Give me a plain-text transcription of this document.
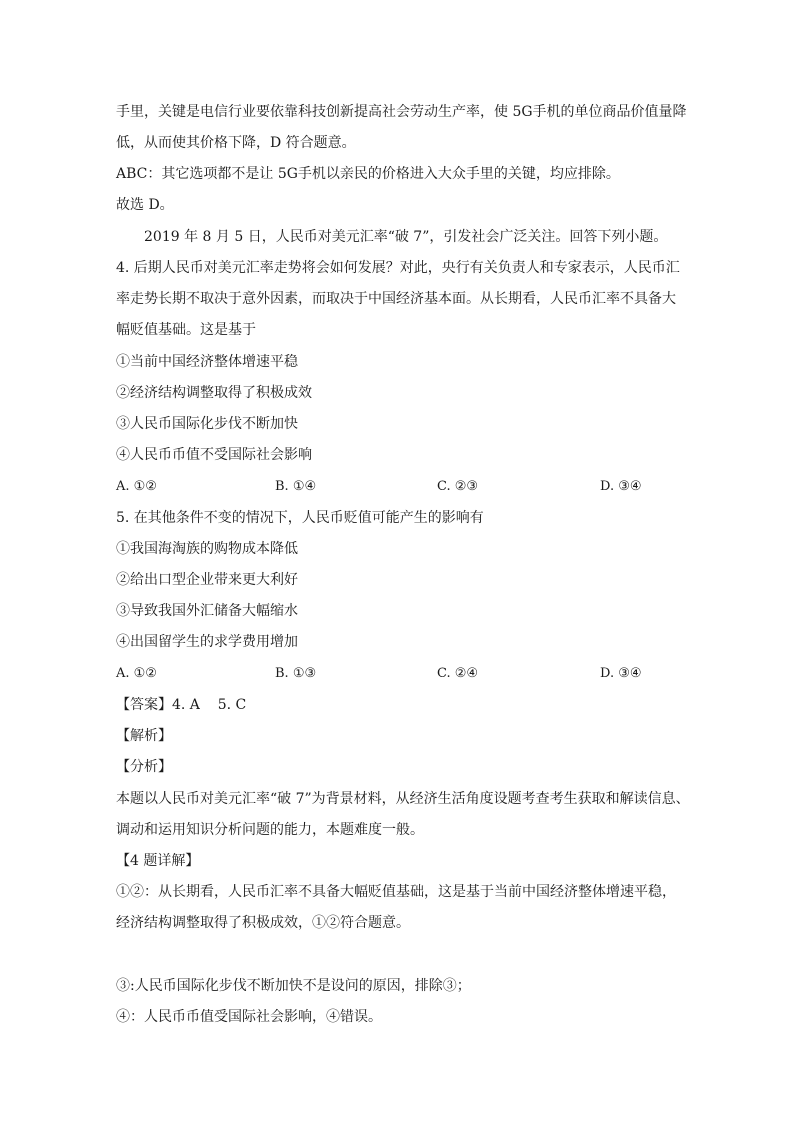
手里，关键是电信行业要依靠科技创新提高社会劳动生产率，使 5G手机的单位商品价值量降
低，从而使其价格下降，D 符合题意。
ABC：其它选项都不是让 5G手机以亲民的价格进入大众手里的关键，均应排除。
故选 D。
2019 年 8 月 5 日，人民币对美元汇率“破 7”，引发社会广泛关注。回答下列小题。
4. 后期人民币对美元汇率走势将会如何发展？对此，央行有关负责人和专家表示，人民币汇
率走势长期不取决于意外因素，而取决于中国经济基本面。从长期看，人民币汇率不具备大
幅贬值基础。这是基于
①当前中国经济整体增速平稳
②经济结构调整取得了积极成效
③人民币国际化步伐不断加快
④人民币币值不受国际社会影响
A. ①②	B. ①④	C. ②③	D. ③④
5. 在其他条件不变的情况下，人民币贬值可能产生的影响有
①我国海淘族的购物成本降低
②给出口型企业带来更大利好
③导致我国外汇储备大幅缩水
④出国留学生的求学费用增加
A. ①②	B. ①③	C. ②④	D. ③④
【答案】4. A    5. C
【解析】
【分析】
本题以人民币对美元汇率“破 7”为背景材料，从经济生活角度设题考查考生获取和解读信息、
调动和运用知识分析问题的能力，本题难度一般。
【4 题详解】
①②：从长期看，人民币汇率不具备大幅贬值基础，这是基于当前中国经济整体增速平稳，
经济结构调整取得了积极成效，①②符合题意。
③:人民币国际化步伐不断加快不是设问的原因，排除③；
④：人民币币值受国际社会影响，④错误。
